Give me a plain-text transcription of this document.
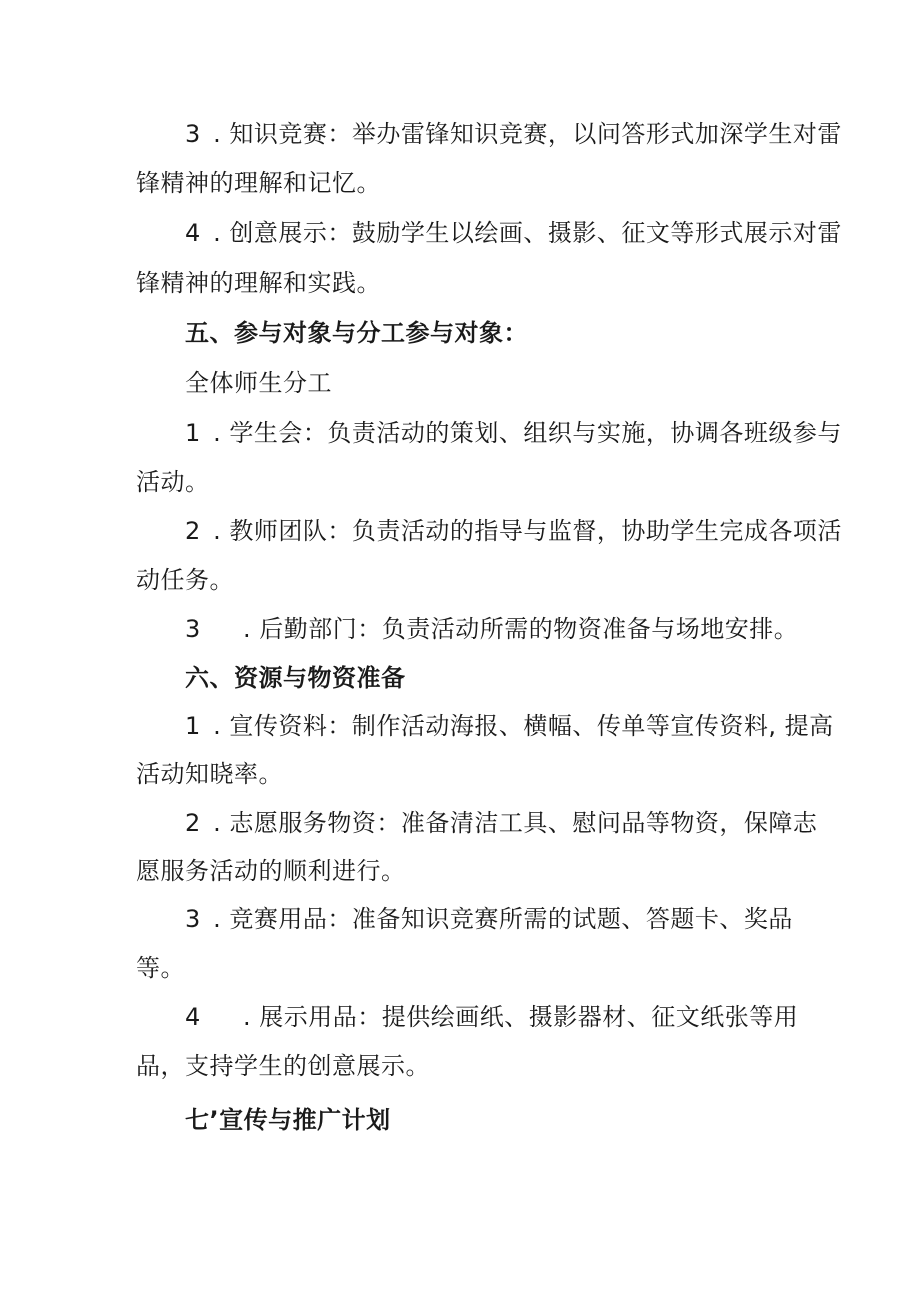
3 . 知识竞赛：举办雷锋知识竞赛，以问答形式加深学生对雷
锋精神的理解和记忆。
4 . 创意展示：鼓励学生以绘画、摄影、征文等形式展示对雷
锋精神的理解和实践。
五、参与对象与分工参与对象：
全体师生分工
1 . 学生会：负责活动的策划、组织与实施，协调各班级参与
活动。
2 . 教师团队：负责活动的指导与监督，协助学生完成各项活
动任务。
3 . 后勤部门：负责活动所需的物资准备与场地安排。
六、资源与物资准备
1 . 宣传资料：制作活动海报、横幅、传单等宣传资料, 提高
活动知晓率。
2 . 志愿服务物资：准备清洁工具、慰问品等物资，保障志
愿服务活动的顺利进行。
3 . 竞赛用品：准备知识竞赛所需的试题、答题卡、奖品
等。
4 . 展示用品：提供绘画纸、摄影器材、征文纸张等用
品，支持学生的创意展示。
七’宣传与推广计划
